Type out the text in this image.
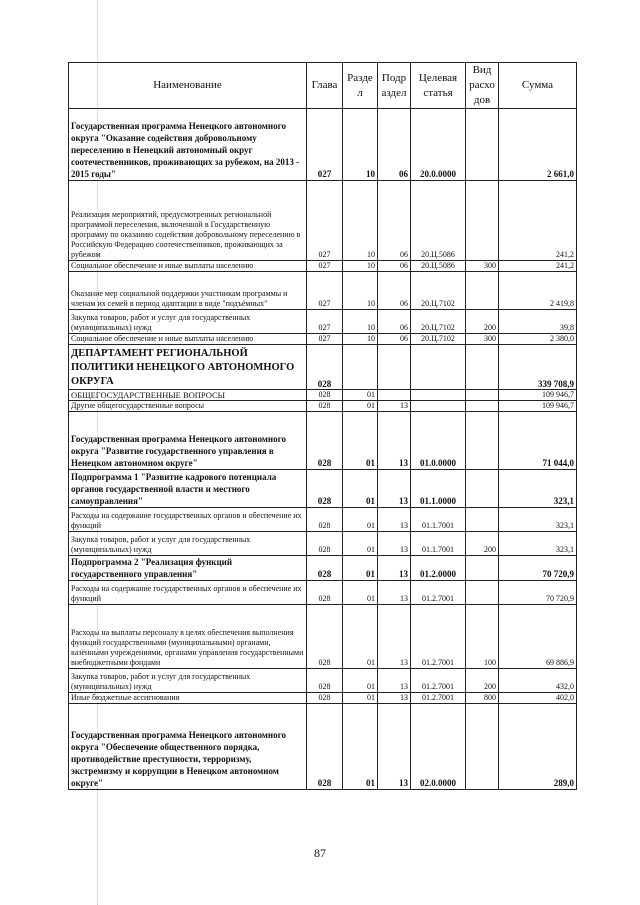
Наименование	Глава	Разде л	Подр аздел	Целевая статья	Вид расхо дов	Сумма
Государственная программа Ненецкого автономного округа "Оказание содействия добровольному переселению в Ненецкий автономный округ соотечественников, проживающих за рубежом, на 2013 - 2015 годы"	027	10	06	20.0.0000		2 661,0
Реализация мероприятий, предусмотренных региональной программой переселения, включенной в Государственную программу по оказанию содействия добровольному переселению в Российскую Федерацию соотечественников, проживающих за рубежом	027	10	06	20.Ц.5086		241,2
Социальное обеспечение и иные выплаты населению	027	10	06	20.Ц.5086	300	241,2
Оказание мер социальной поддержки участникам программы и членам их семей в период адаптации в виде "подъёмных"	027	10	06	20.Ц.7102		2 419,8
Закупка товаров, работ и услуг для государственных (муниципальных) нужд	027	10	06	20.Ц.7102	200	39,8
Социальное обеспечение и иные выплаты населению	027	10	06	20.Ц.7102	300	2 380,0
ДЕПАРТАМЕНТ РЕГИОНАЛЬНОЙ ПОЛИТИКИ НЕНЕЦКОГО АВТОНОМНОГО ОКРУГА	028					339 708,9
ОБЩЕГОСУДАРСТВЕННЫЕ ВОПРОСЫ	028	01				109 946,7
Другие общегосударственные вопросы	028	01	13			109 946,7
Государственная программа Ненецкого автономного округа "Развитие государственного управления в Ненецком автономном округе"	028	01	13	01.0.0000		71 044,0
Подпрограмма 1 "Развитие кадрового потенциала органов государственной власти и местного самоуправления"	028	01	13	01.1.0000		323,1
Расходы на содержание государственных органов и обеспечение их функций	028	01	13	01.1.7001		323,1
Закупка товаров, работ и услуг для государственных (муниципальных) нужд	028	01	13	01.1.7001	200	323,1
Подпрограмма 2 "Реализация функций государственного управления"	028	01	13	01.2.0000		70 720,9
Расходы на содержание государственных органов и обеспечение их функций	028	01	13	01.2.7001		70 720,9
Расходы на выплаты персоналу в целях обеспечения выполнения функций государственными (муниципальными) органами, казёнными учреждениями, органами управления государственными внебюджетными фондами	028	01	13	01.2.7001	100	69 886,9
Закупка товаров, работ и услуг для государственных (муниципальных) нужд	028	01	13	01.2.7001	200	432,0
Иные бюджетные ассигнования	028	01	13	01.2.7001	800	402,0
Государственная программа Ненецкого автономного округа "Обеспечение общественного порядка, противодействие преступности, терроризму, экстремизму и коррупции в Ненецком автономном округе"	028	01	13	02.0.0000		289,0
87
